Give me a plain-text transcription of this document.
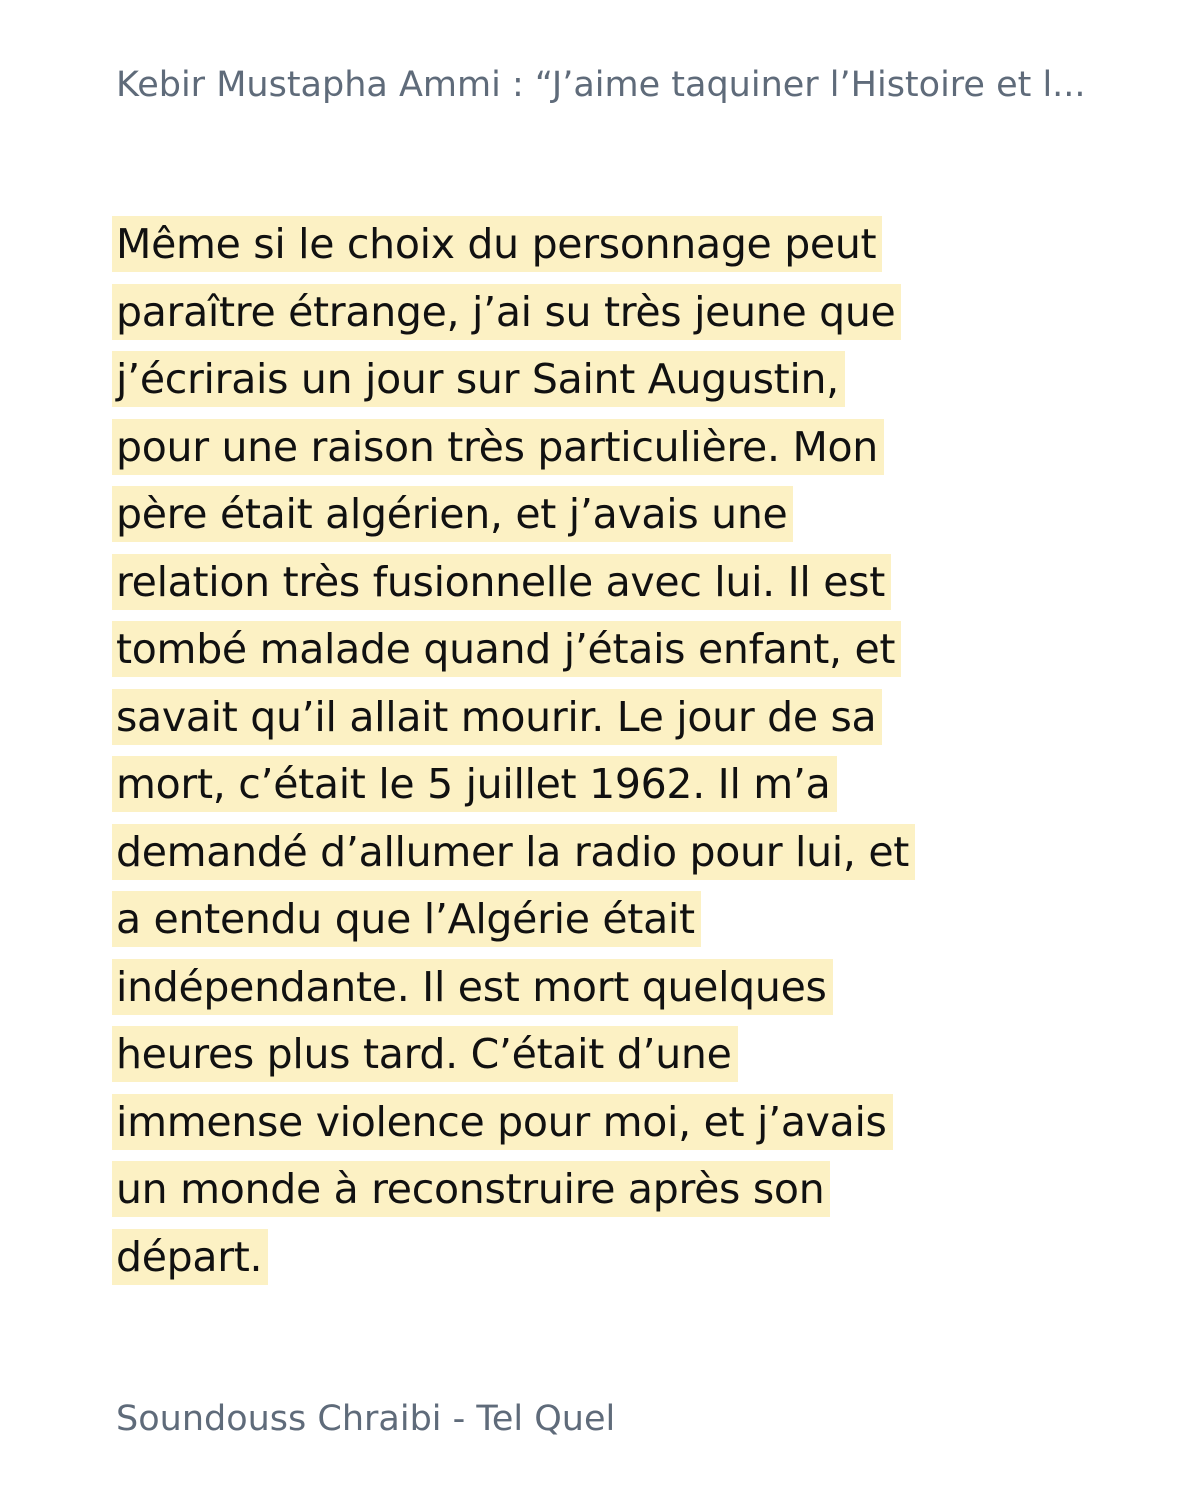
Kebir Mustapha Ammi : “J’aime taquiner l’Histoire et l...
Même si le choix du personnage peut
paraître étrange, j’ai su très jeune que
j’écrirais un jour sur Saint Augustin,
pour une raison très particulière. Mon
père était algérien, et j’avais une
relation très fusionnelle avec lui. Il est
tombé malade quand j’étais enfant, et
savait qu’il allait mourir. Le jour de sa
mort, c’était le 5 juillet 1962. Il m’a
demandé d’allumer la radio pour lui, et
a entendu que l’Algérie était
indépendante. Il est mort quelques
heures plus tard. C’était d’une
immense violence pour moi, et j’avais
un monde à reconstruire après son
départ.
Soundouss Chraibi - Tel Quel
